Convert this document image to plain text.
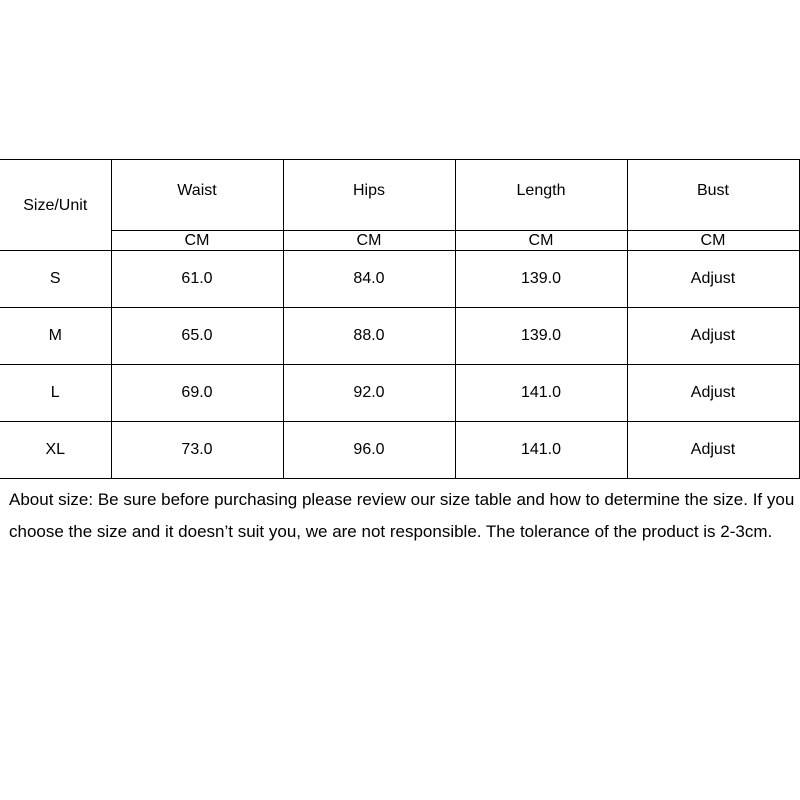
Size/Unit	Waist	Hips	Length	Bust
	CM	CM	CM	CM
S	61.0	84.0	139.0	Adjust
M	65.0	88.0	139.0	Adjust
L	69.0	92.0	141.0	Adjust
XL	73.0	96.0	141.0	Adjust

About size: Be sure before purchasing please review our size table and how to determine the size. If you choose the size and it doesn’t suit you, we are not responsible. The tolerance of the product is 2-3cm.
